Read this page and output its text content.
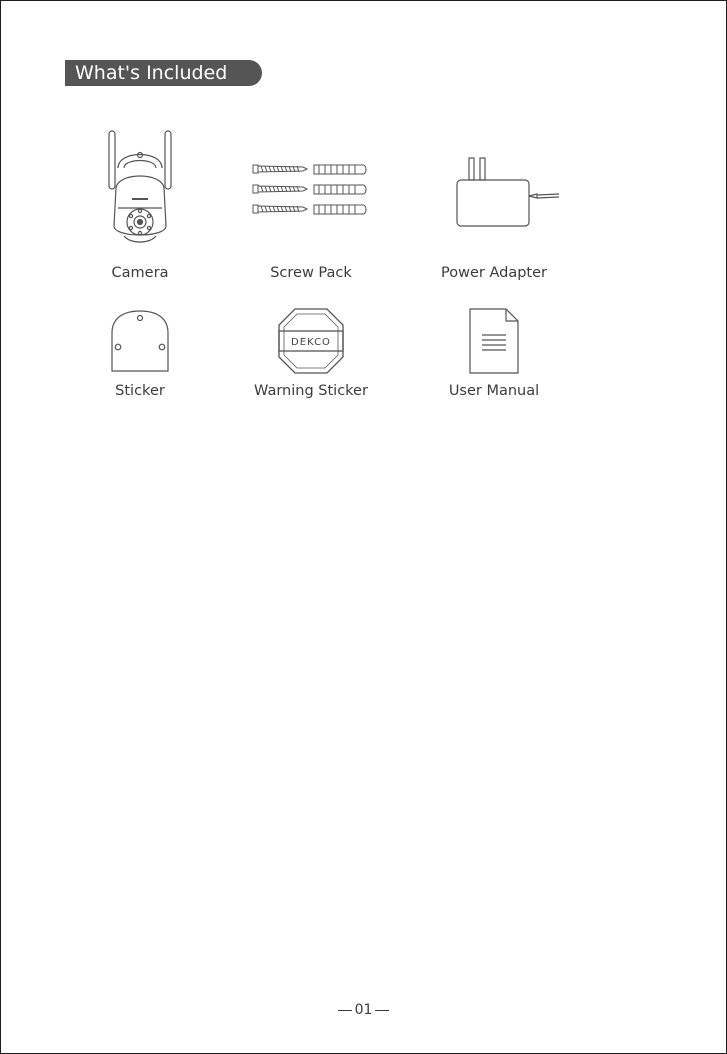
What's Included
Camera	Screw Pack	Power Adapter
Sticker
DEKCO
Warning Sticker	User Manual
01
